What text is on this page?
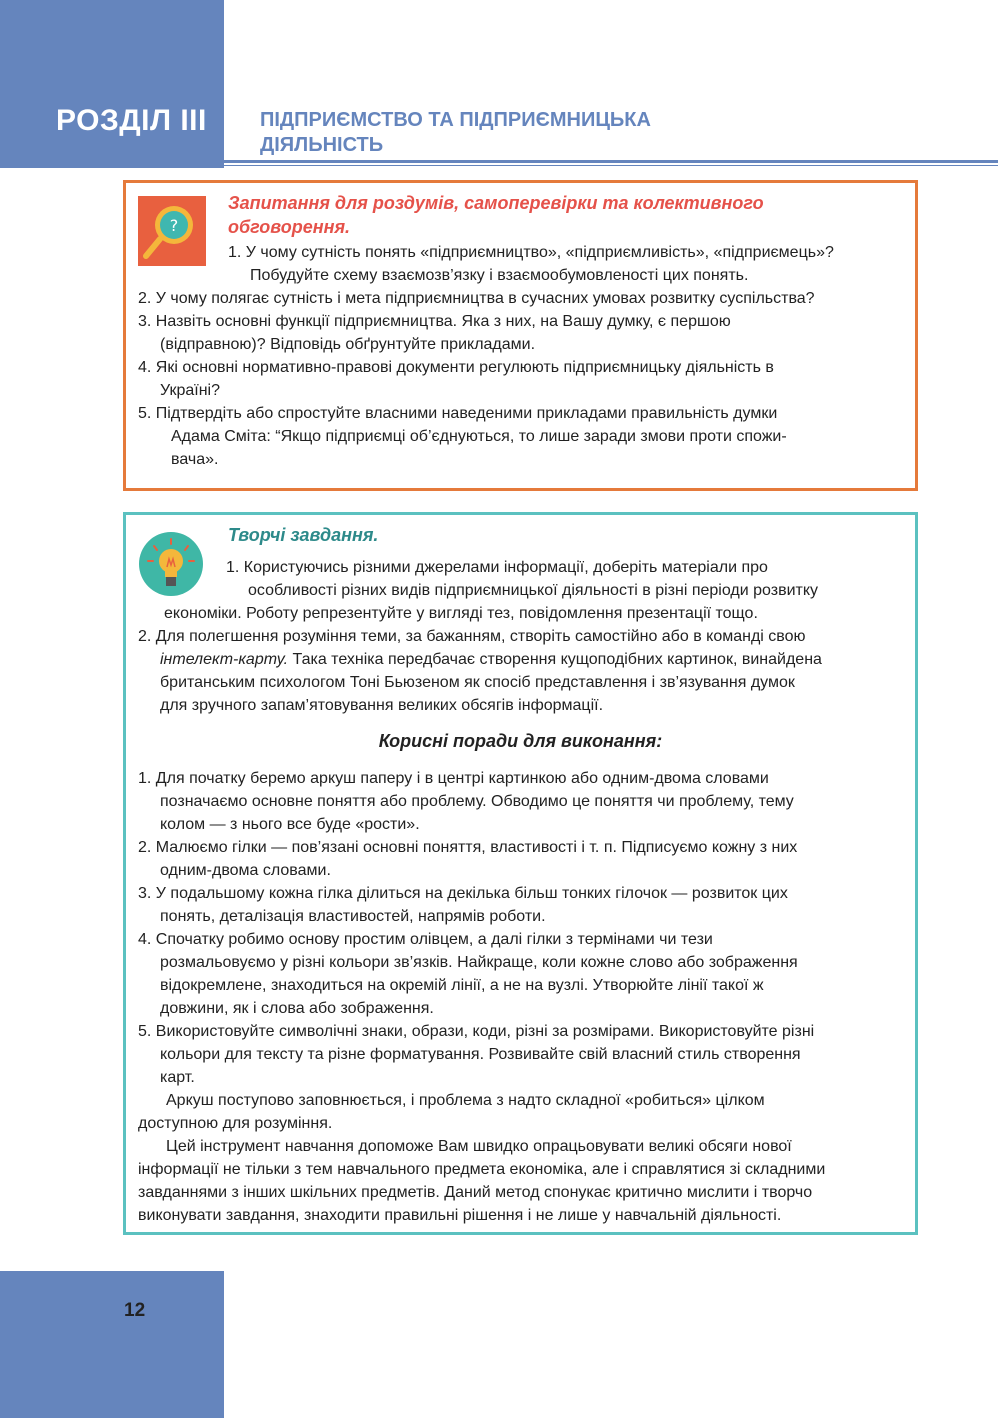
РОЗДІЛ III	ПІДПРИЄМСТВО ТА ПІДПРИЄМНИЦЬКА
ДІЯЛЬНІСТЬ
?
Запитання для роздумів, самоперевірки та колективного
обговорення.
1. У чому сутність понять «підприємництво», «підприємливість», «підприємець»?
Побудуйте схему взаємозв’язку і взаємообумовленості цих понять.
2. У чому полягає сутність і мета підприємництва в сучасних умовах розвитку суспільства?
3. Назвіть основні функції підприємництва. Яка з них, на Вашу думку, є першою
(відправною)? Відповідь обґрунтуйте прикладами.
4. Які основні нормативно-правові документи регулюють підприємницьку діяльність в
Україні?
5. Підтвердіть або спростуйте власними наведеними прикладами правильність думки
Адама Сміта: “Якщо підприємці об’єднуються, то лише заради змови проти спожи-
вача».
Творчі завдання.
1. Користуючись різними джерелами інформації, доберіть матеріали про
особливості різних видів підприємницької діяльності в різні періоди розвитку
економіки. Роботу репрезентуйте у вигляді тез, повідомлення презентації тощо.
2. Для полегшення розуміння теми, за бажанням, створіть самостійно або в команді свою
інтелект-карту. Така техніка передбачає створення кущоподібних картинок, винайдена
британським психологом Тоні Бьюзеном як спосіб представлення і зв’язування думок
для зручного запам’ятовування великих обсягів інформації.
Корисні поради для виконання:
1. Для початку беремо аркуш паперу і в центрі картинкою або одним-двома словами
позначаємо основне поняття або проблему. Обводимо це поняття чи проблему, тему
колом — з нього все буде «рости».
2. Малюємо гілки — пов’язані основні поняття, властивості і т. п. Підписуємо кожну з них
одним-двома словами.
3. У подальшому кожна гілка ділиться на декілька більш тонких гілочок — розвиток цих
понять, деталізація властивостей, напрямів роботи.
4. Спочатку робимо основу простим олівцем, а далі гілки з термінами чи тези
розмальовуємо у різні кольори зв’язків. Найкраще, коли кожне слово або зображення
відокремлене, знаходиться на окремій лінії, а не на вузлі. Утворюйте лінії такої ж
довжини, як і слова або зображення.
5. Використовуйте символічні знаки, образи, коди, різні за розмірами. Використовуйте різні
кольори для тексту та різне форматування. Розвивайте свій власний стиль створення
карт.
Аркуш поступово заповнюється, і проблема з надто складної «робиться» цілком
доступною для розуміння.
Цей інструмент навчання допоможе Вам швидко опрацьовувати великі обсяги нової
інформації не тільки з тем навчального предмета економіка, але і справлятися зі складними
завданнями з інших шкільних предметів. Даний метод спонукає критично мислити і творчо
виконувати завдання, знаходити правильні рішення і не лише у навчальній діяльності.
12
